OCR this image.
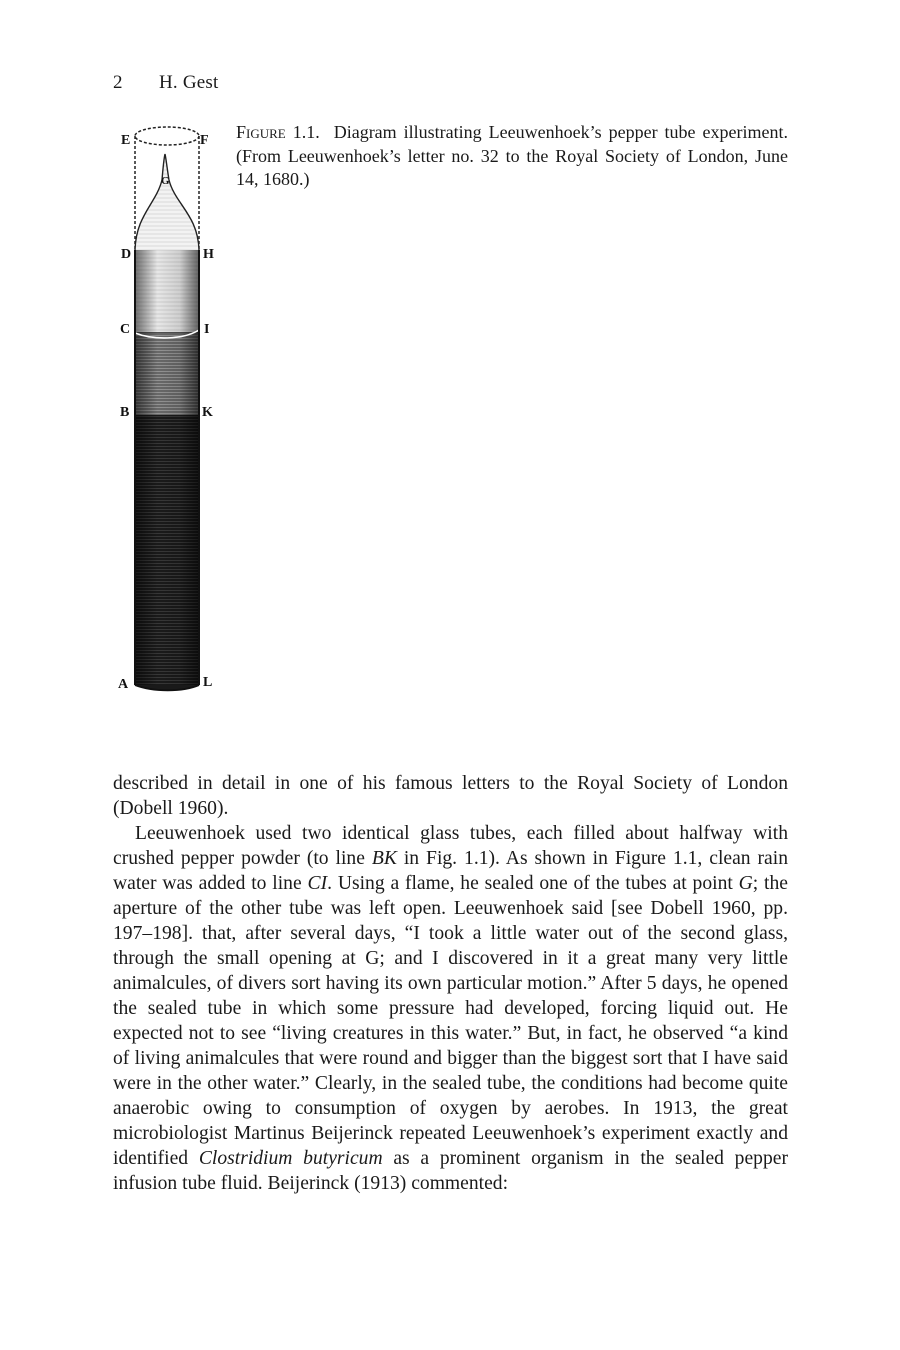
2 H. Gest
E	F
G
D	H
C	I
B	K
A	L
Figure 1.1. Diagram illustrating Leeuwenhoek’s pepper tube experiment. (From Leeuwenhoek’s letter no. 32 to the Royal Society of London, June 14, 1680.)

described in detail in one of his famous letters to the Royal Society of London (Dobell 1960).

Leeuwenhoek used two identical glass tubes, each filled about halfway with crushed pepper powder (to line BK in Fig. 1.1). As shown in Figure 1.1, clean rain water was added to line CI. Using a flame, he sealed one of the tubes at point G; the aperture of the other tube was left open. Leeuwenhoek said [see Dobell 1960, pp. 197–198]. that, after several days, “I took a little water out of the second glass, through the small opening at G; and I discovered in it a great many very little animalcules, of divers sort having its own particular motion.” After 5 days, he opened the sealed tube in which some pressure had developed, forcing liquid out. He expected not to see “living creatures in this water.” But, in fact, he observed “a kind of living animalcules that were round and bigger than the biggest sort that I have said were in the other water.” Clearly, in the sealed tube, the conditions had become quite anaerobic owing to consumption of oxygen by aerobes. In 1913, the great microbiologist Martinus Beijerinck repeated Leeuwenhoek’s experiment exactly and identified Clostridium butyricum as a prominent organism in the sealed pepper infusion tube fluid. Beijerinck (1913) commented:
